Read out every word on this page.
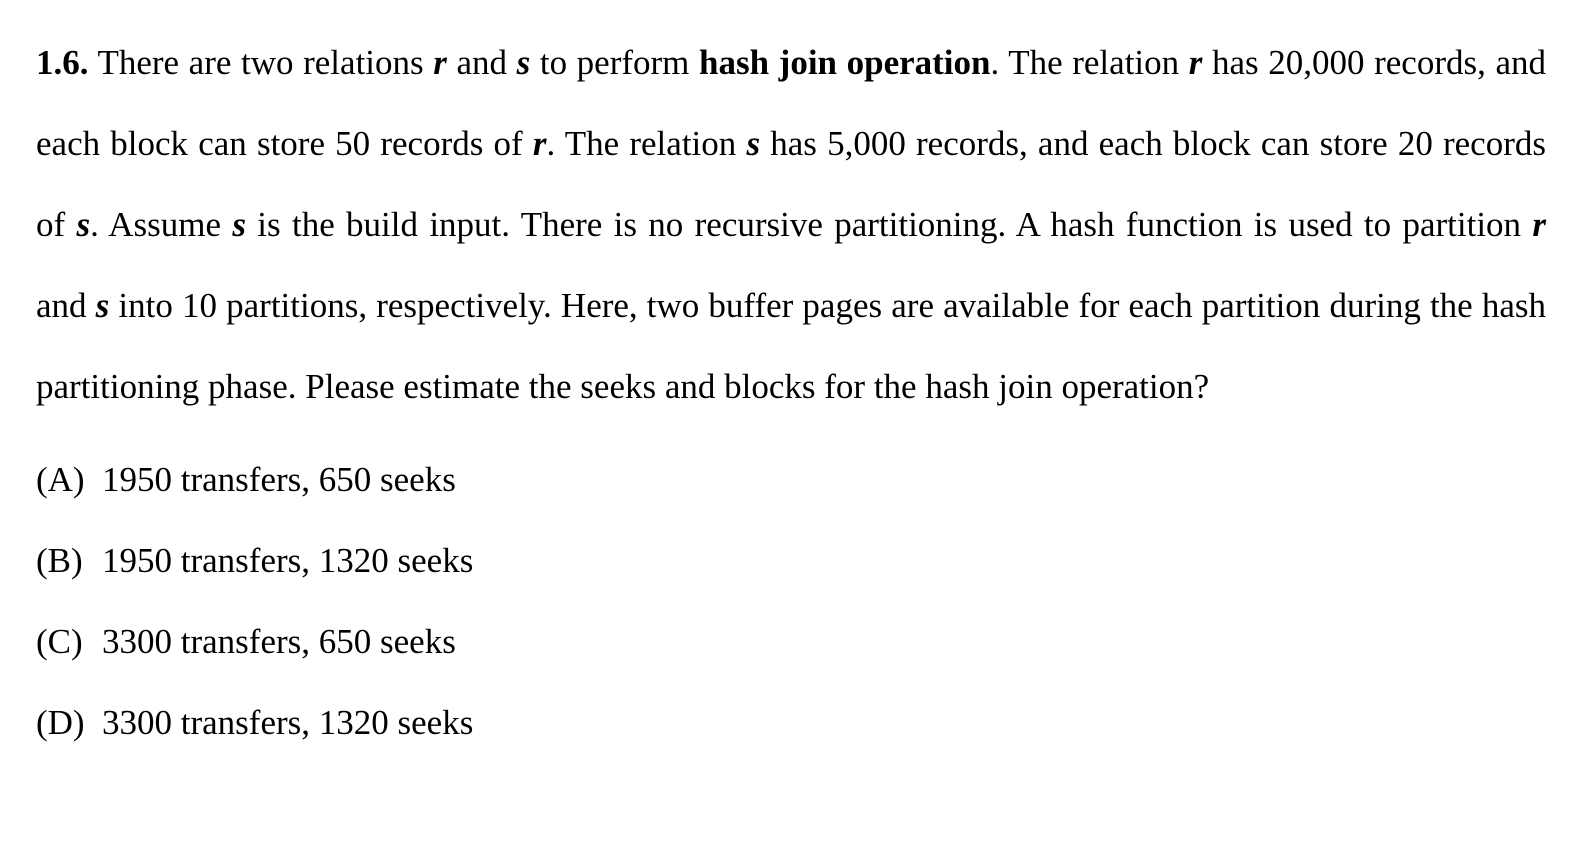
1.6. There are two relations r and s to perform hash join operation. The relation r has 20,000 records, and each block can store 50 records of r. The relation s has 5,000 records, and each block can store 20 records of s. Assume s is the build input. There is no recursive partitioning. A hash function is used to partition r and s into 10 partitions, respectively. Here, two buffer pages are available for each partition during the hash partitioning phase. Please estimate the seeks and blocks for the hash join operation?

(A) 1950 transfers, 650 seeks
(B) 1950 transfers, 1320 seeks
(C) 3300 transfers, 650 seeks
(D) 3300 transfers, 1320 seeks
